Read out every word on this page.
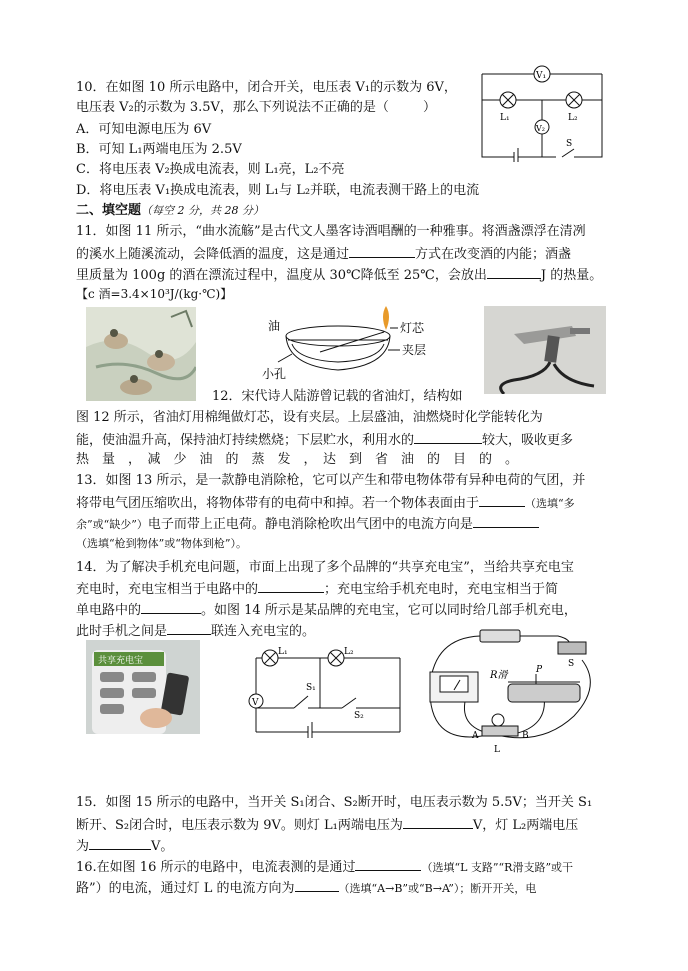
10．在如图 10 所示电路中，闭合开关，电压表 V₁的示数为 6V，
电压表 V₂的示数为 3.5V，那么下列说法不正确的是（	）
A．可知电源电压为 6V
B．可知 L₁两端电压为 2.5V
C．将电压表 V₂换成电流表，则 L₁亮，L₂不亮
D．将电压表 V₁换成电流表，则 L₁与 L₂并联，电流表测干路上的电流
V₁
V₂
L₁	L₂
S
二、填空题（每空 2 分，共 28 分）
11．如图 11 所示，“曲水流觞”是古代文人墨客诗酒唱酬的一种雅事。将酒盏漂浮在清冽
的溪水上随溪流动，会降低酒的温度，这是通过	方式在改变酒的内能；酒盏
里质量为 100g 的酒在漂流过程中，温度从 30℃降低至 25℃，会放出	J 的热量。
【c 酒=3.4×10³J/(kg·℃)】
油	灯芯
夹层
小孔
12．宋代诗人陆游曾记载的省油灯，结构如
图 12 所示，省油灯用棉绳做灯芯，设有夹层。上层盛油，油燃烧时化学能转化为
能，使油温升高，保持油灯持续燃烧；下层贮水，利用水的	较大，吸收更多
热　量　，　减　少　油　的　蒸　发　，　达　到　省　油　的　目　的　。
13．如图 13 所示，是一款静电消除枪，它可以产生和带电物体带有异种电荷的气团，并
将带电气团压缩吹出，将物体带有的电荷中和掉。若一个物体表面由于	（选填“多
余”或“缺少”）电子而带上正电荷。静电消除枪吹出气团中的电流方向是
（选填“枪到物体”或“物体到枪”）。
14．为了解决手机充电问题，市面上出现了多个品牌的“共享充电宝”，当给共享充电宝
充电时，充电宝相当于电路中的	；充电宝给手机充电时，充电宝相当于简
单电路中的	。如图 14 所示是某品牌的充电宝，它可以同时给几部手机充电，
此时手机之间是	联连入充电宝的。
共享充电宝
V
L₁	L₂
S₁
S₂
R滑	P
S
A	B
L
15．如图 15 所示的电路中，当开关 S₁闭合、S₂断开时，电压表示数为 5.5V；当开关 S₁
断开、S₂闭合时，电压表示数为 9V。则灯 L₁两端电压为	V，灯 L₂两端电压
为	V。
16.在如图 16 所示的电路中，电流表测的是通过	（选填“L 支路”“R滑支路”或干
路”）的电流，通过灯 L 的电流方向为	（选填“A→B”或“B→A”）；断开开关，电
